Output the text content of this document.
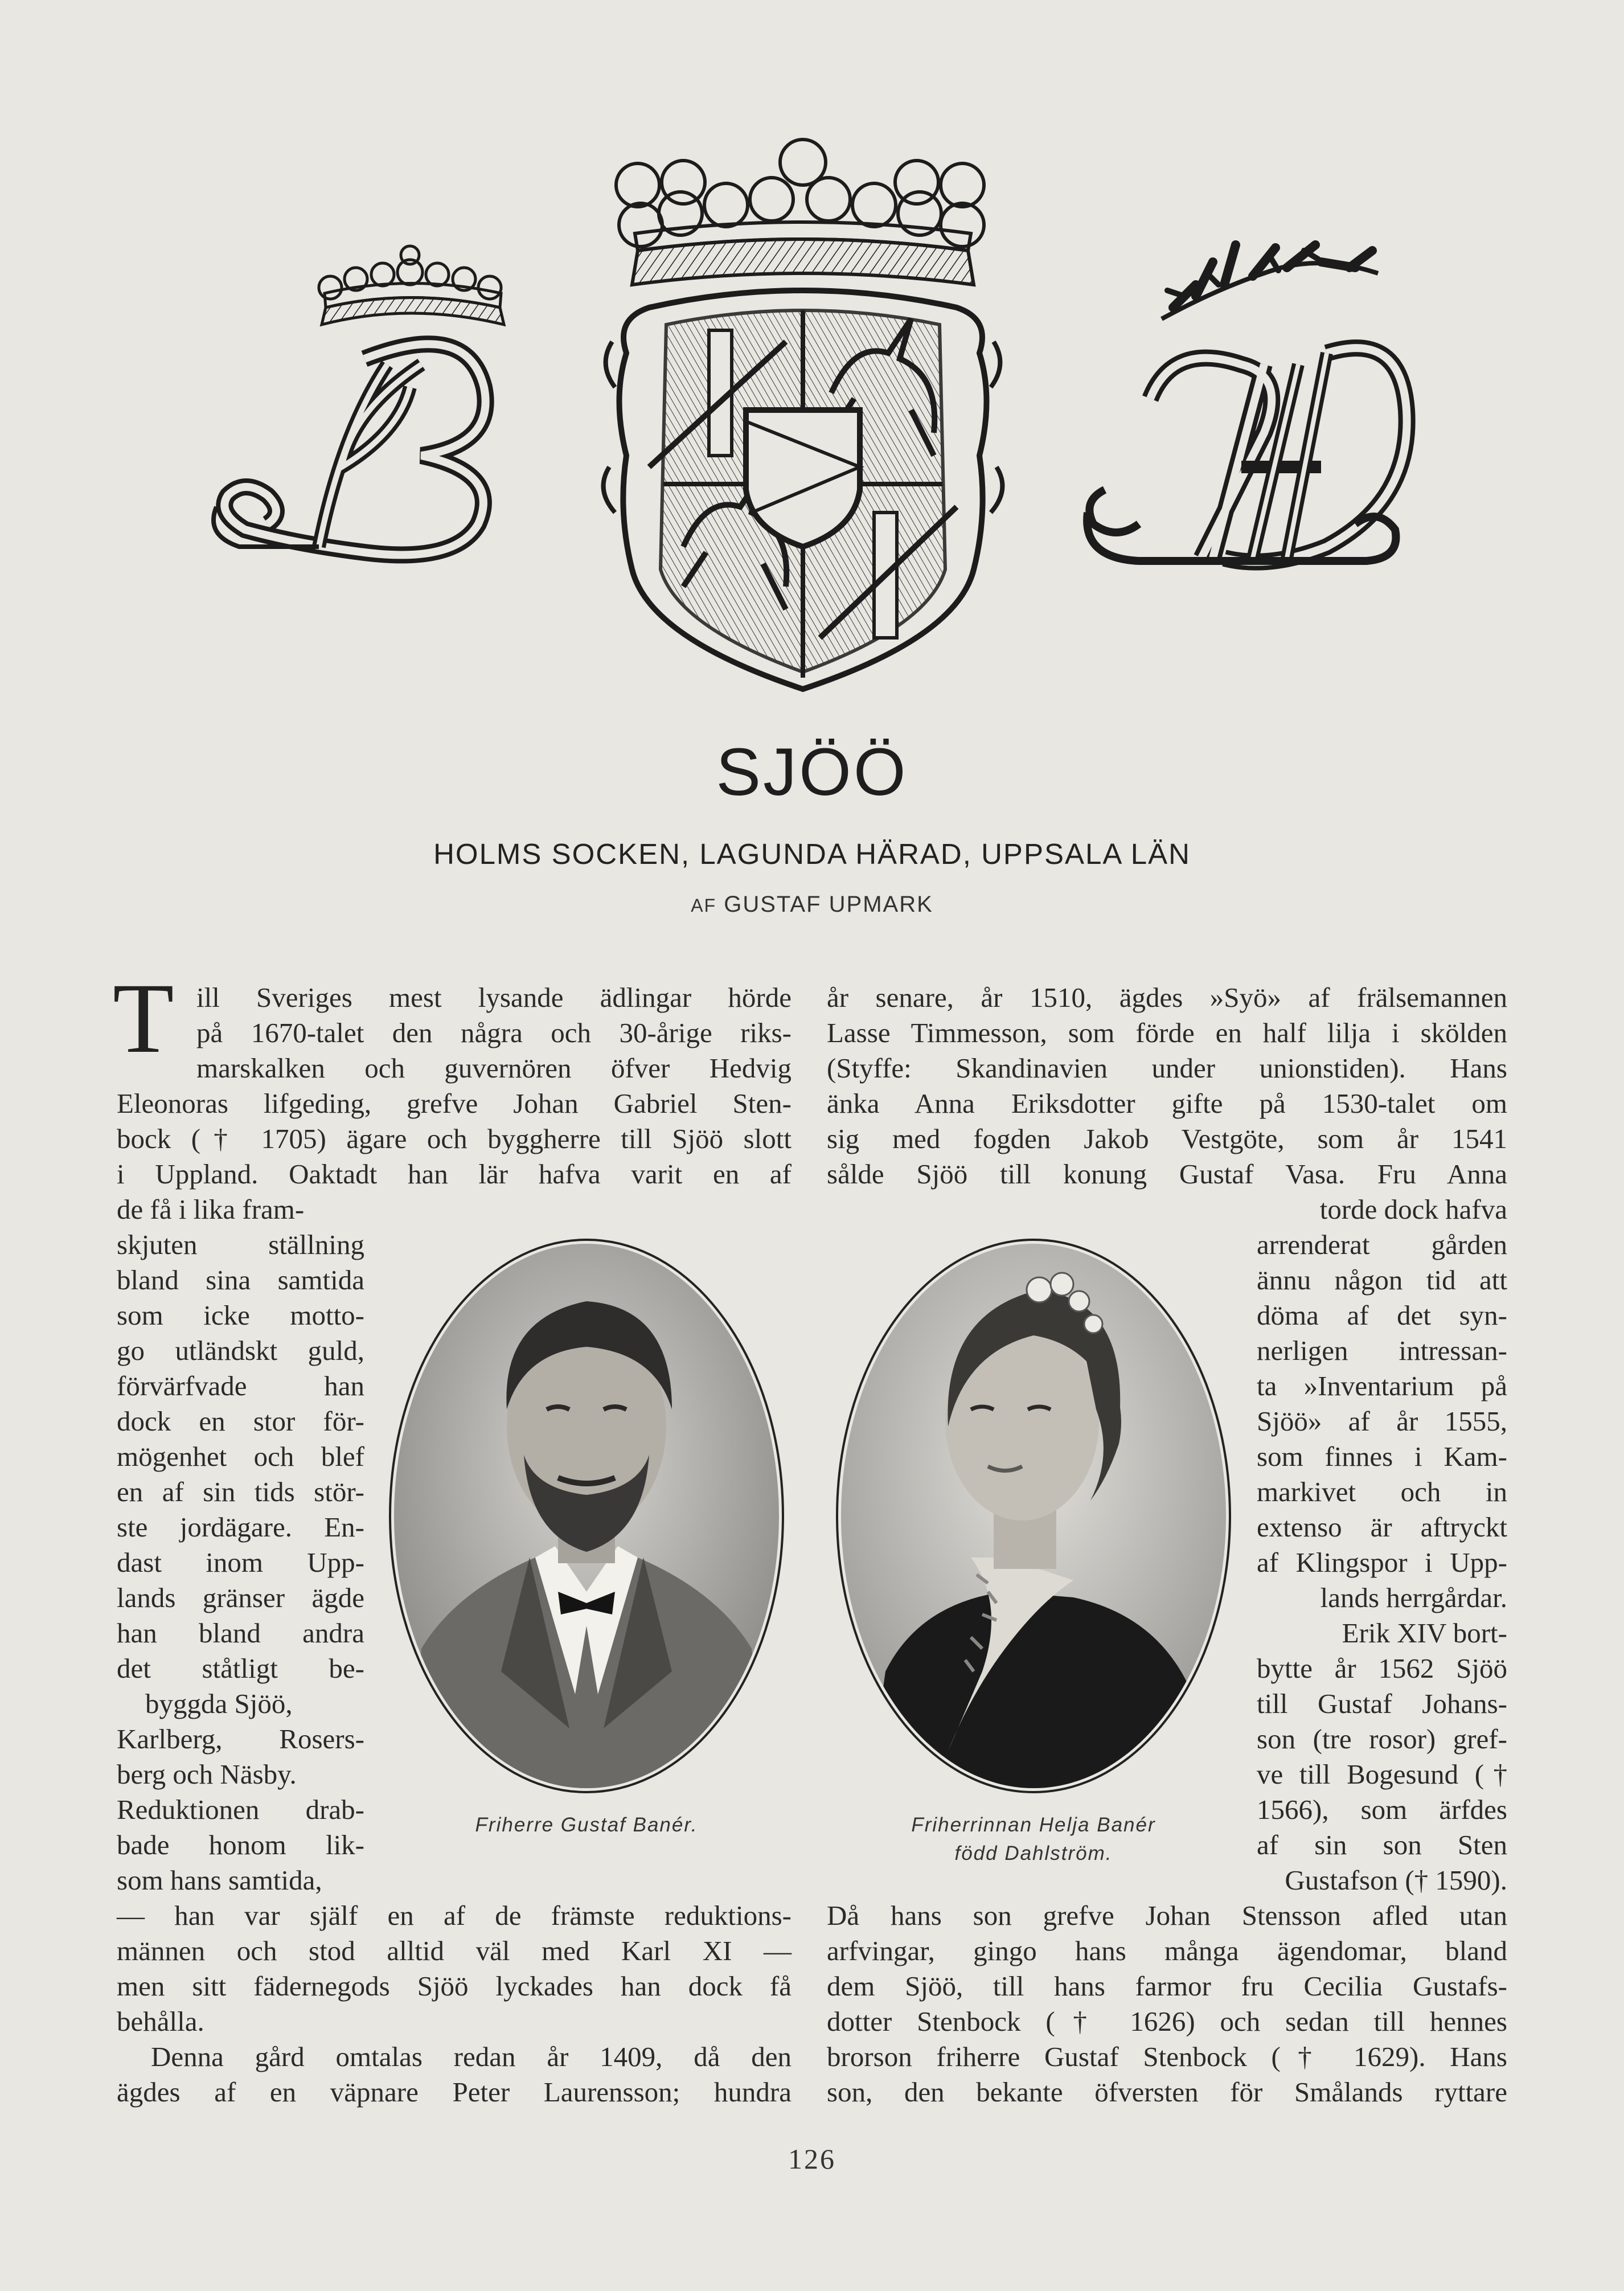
SJÖÖ
HOLMS SOCKEN, LAGUNDA HÄRAD, UPPSALA LÄN
AF GUSTAF UPMARK
T ill Sveriges mest lysande ädlingar hörde
på 1670-talet den några och 30-årige riks-
marskalken och guvernören öfver Hedvig
Eleonoras lifgeding, grefve Johan Gabriel Sten-
bock († 1705) ägare och byggherre till Sjöö slott
i Uppland. Oaktadt han lär hafva varit en af
de få i lika fram-
skjuten ställning
bland sina samtida
som icke motto-
go utländskt guld,
förvärfvade han
dock en stor för-
mögenhet och blef
en af sin tids stör-
ste jordägare. En-
dast inom Upp-
lands gränser ägde
han bland andra
det ståtligt be-
byggda Sjöö,
Karlberg, Rosers-
berg och Näsby.
Reduktionen drab-
bade honom lik-
som hans samtida,
— han var själf en af de främste reduktions-
männen och stod alltid väl med Karl XI —
men sitt fädernegods Sjöö lyckades han dock få
behålla.
Denna gård omtalas redan år 1409, då den
ägdes af en väpnare Peter Laurensson; hundra
år senare, år 1510, ägdes »Syö» af frälsemannen
Lasse Timmesson, som förde en half lilja i skölden
(Styffe: Skandinavien under unionstiden). Hans
änka Anna Eriksdotter gifte på 1530-talet om
sig med fogden Jakob Vestgöte, som år 1541
sålde Sjöö till konung Gustaf Vasa. Fru Anna
torde dock hafva
arrenderat gården
ännu någon tid att
döma af det syn-
nerligen intressan-
ta »Inventarium på
Sjöö» af år 1555,
som finnes i Kam-
markivet och in
extenso är aftryckt
af Klingspor i Upp-
lands herrgårdar.
Erik XIV bort-
bytte år 1562 Sjöö
till Gustaf Johans-
son (tre rosor) gref-
ve till Bogesund (†
1566), som ärfdes
af sin son Sten
Gustafson († 1590).
Då hans son grefve Johan Stensson afled utan
arfvingar, gingo hans många ägendomar, bland
dem Sjöö, till hans farmor fru Cecilia Gustafs-
dotter Stenbock († 1626) och sedan till hennes
brorson friherre Gustaf Stenbock († 1629). Hans
son, den bekante öfversten för Smålands ryttare
Friherre Gustaf Banér.	Friherrinnan Helja Banér
född Dahlström.
126
